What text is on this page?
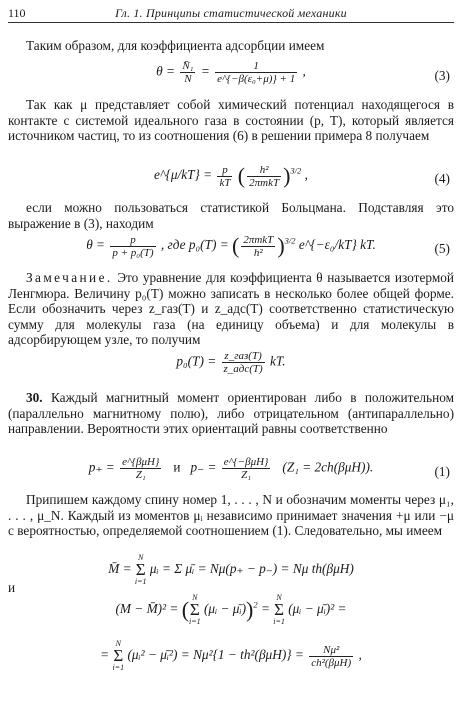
110	Гл. 1. Принципы статистической механики
Таким образом, для коэффициента адсорбции имеем
$\theta = \frac{\text{N̄₁}}{N} = \frac{1}{\text{e\textasciicircum{}\{−β(ε₀+μ)\} + 1}}$ ,	(3)
Так как μ представляет собой химический потенциал находящегося в контакте с системой идеального газа в состоянии (p, T), который является источником частиц, то из соотношения (6) в решении примера 8 получаем
e^{μ/kT} = $\frac{p}{kT}$ ( $\frac{\text{h²}}{\text{2πmkT}} )^{3/2}$ ,	(4)
если можно пользоваться статистикой Больцмана. Подставляя это выражение в (3), находим
$\theta = \frac{p}{\text{p + p₀(T)}}$ , где p₀(T) = ( $\frac{\text{2πmkT}}{\text{h²}} )^{3/2}$ e^{−ε₀/kT} kT.	(5)
Замечание. Это уравнение для коэффициента θ называется изотермой Ленгмюра. Величину p₀(T) можно записать в несколько более общей форме. Если обозначить через z_газ(T) и z_адс(T) соответственно статистическую сумму для молекулы газа (на единицу объема) и для молекулы в адсорбирующем узле, то получим
$p_0(T) = \frac{\text{z\_газ(T)}}{\text{z\_адс(T)}}$ kT.
30. Каждый магнитный момент ориентирован либо в положительном (параллельно магнитному полю), либо отрицательном (антипараллельно) направлении. Вероятности этих ориентаций равны соответственно
$p_+ = \frac{\text{e\textasciicircum{}\{βμH\}}}{\text{Z₁}}$ и $p_- = \frac{\text{e\textasciicircum{}\{−βμH\}}}{\text{Z₁}} (Z_1 = 2ch(\beta\mu H))$.	(1)
Припишем каждому спину номер 1, . . . , N и обозначим моменты через μ₁, . . . , μ_N. Каждый из моментов μᵢ независимо принимает значения +μ или −μ с вероятностью, определяемой соотношением (1). Следовательно, мы имеем
M̄ =
N
Σ
i=1
μᵢ = Σ μ̄ᵢ = Nμ(p₊ − p₋) = Nμ th(βμH)
и
(M − M̄)² = ( N
Σ
i=1
(μᵢ − μ̄ᵢ))$^2$ =
N
Σ
i=1
(μᵢ − μ̄ᵢ)² =
=
N
Σ
i=1
(μᵢ² − μ̄ᵢ²) = $N\mu^2\{1 - th^2(\beta\mu H)\} = \frac{\text{Nμ²}}{\text{ch²(βμH)}}$ ,
